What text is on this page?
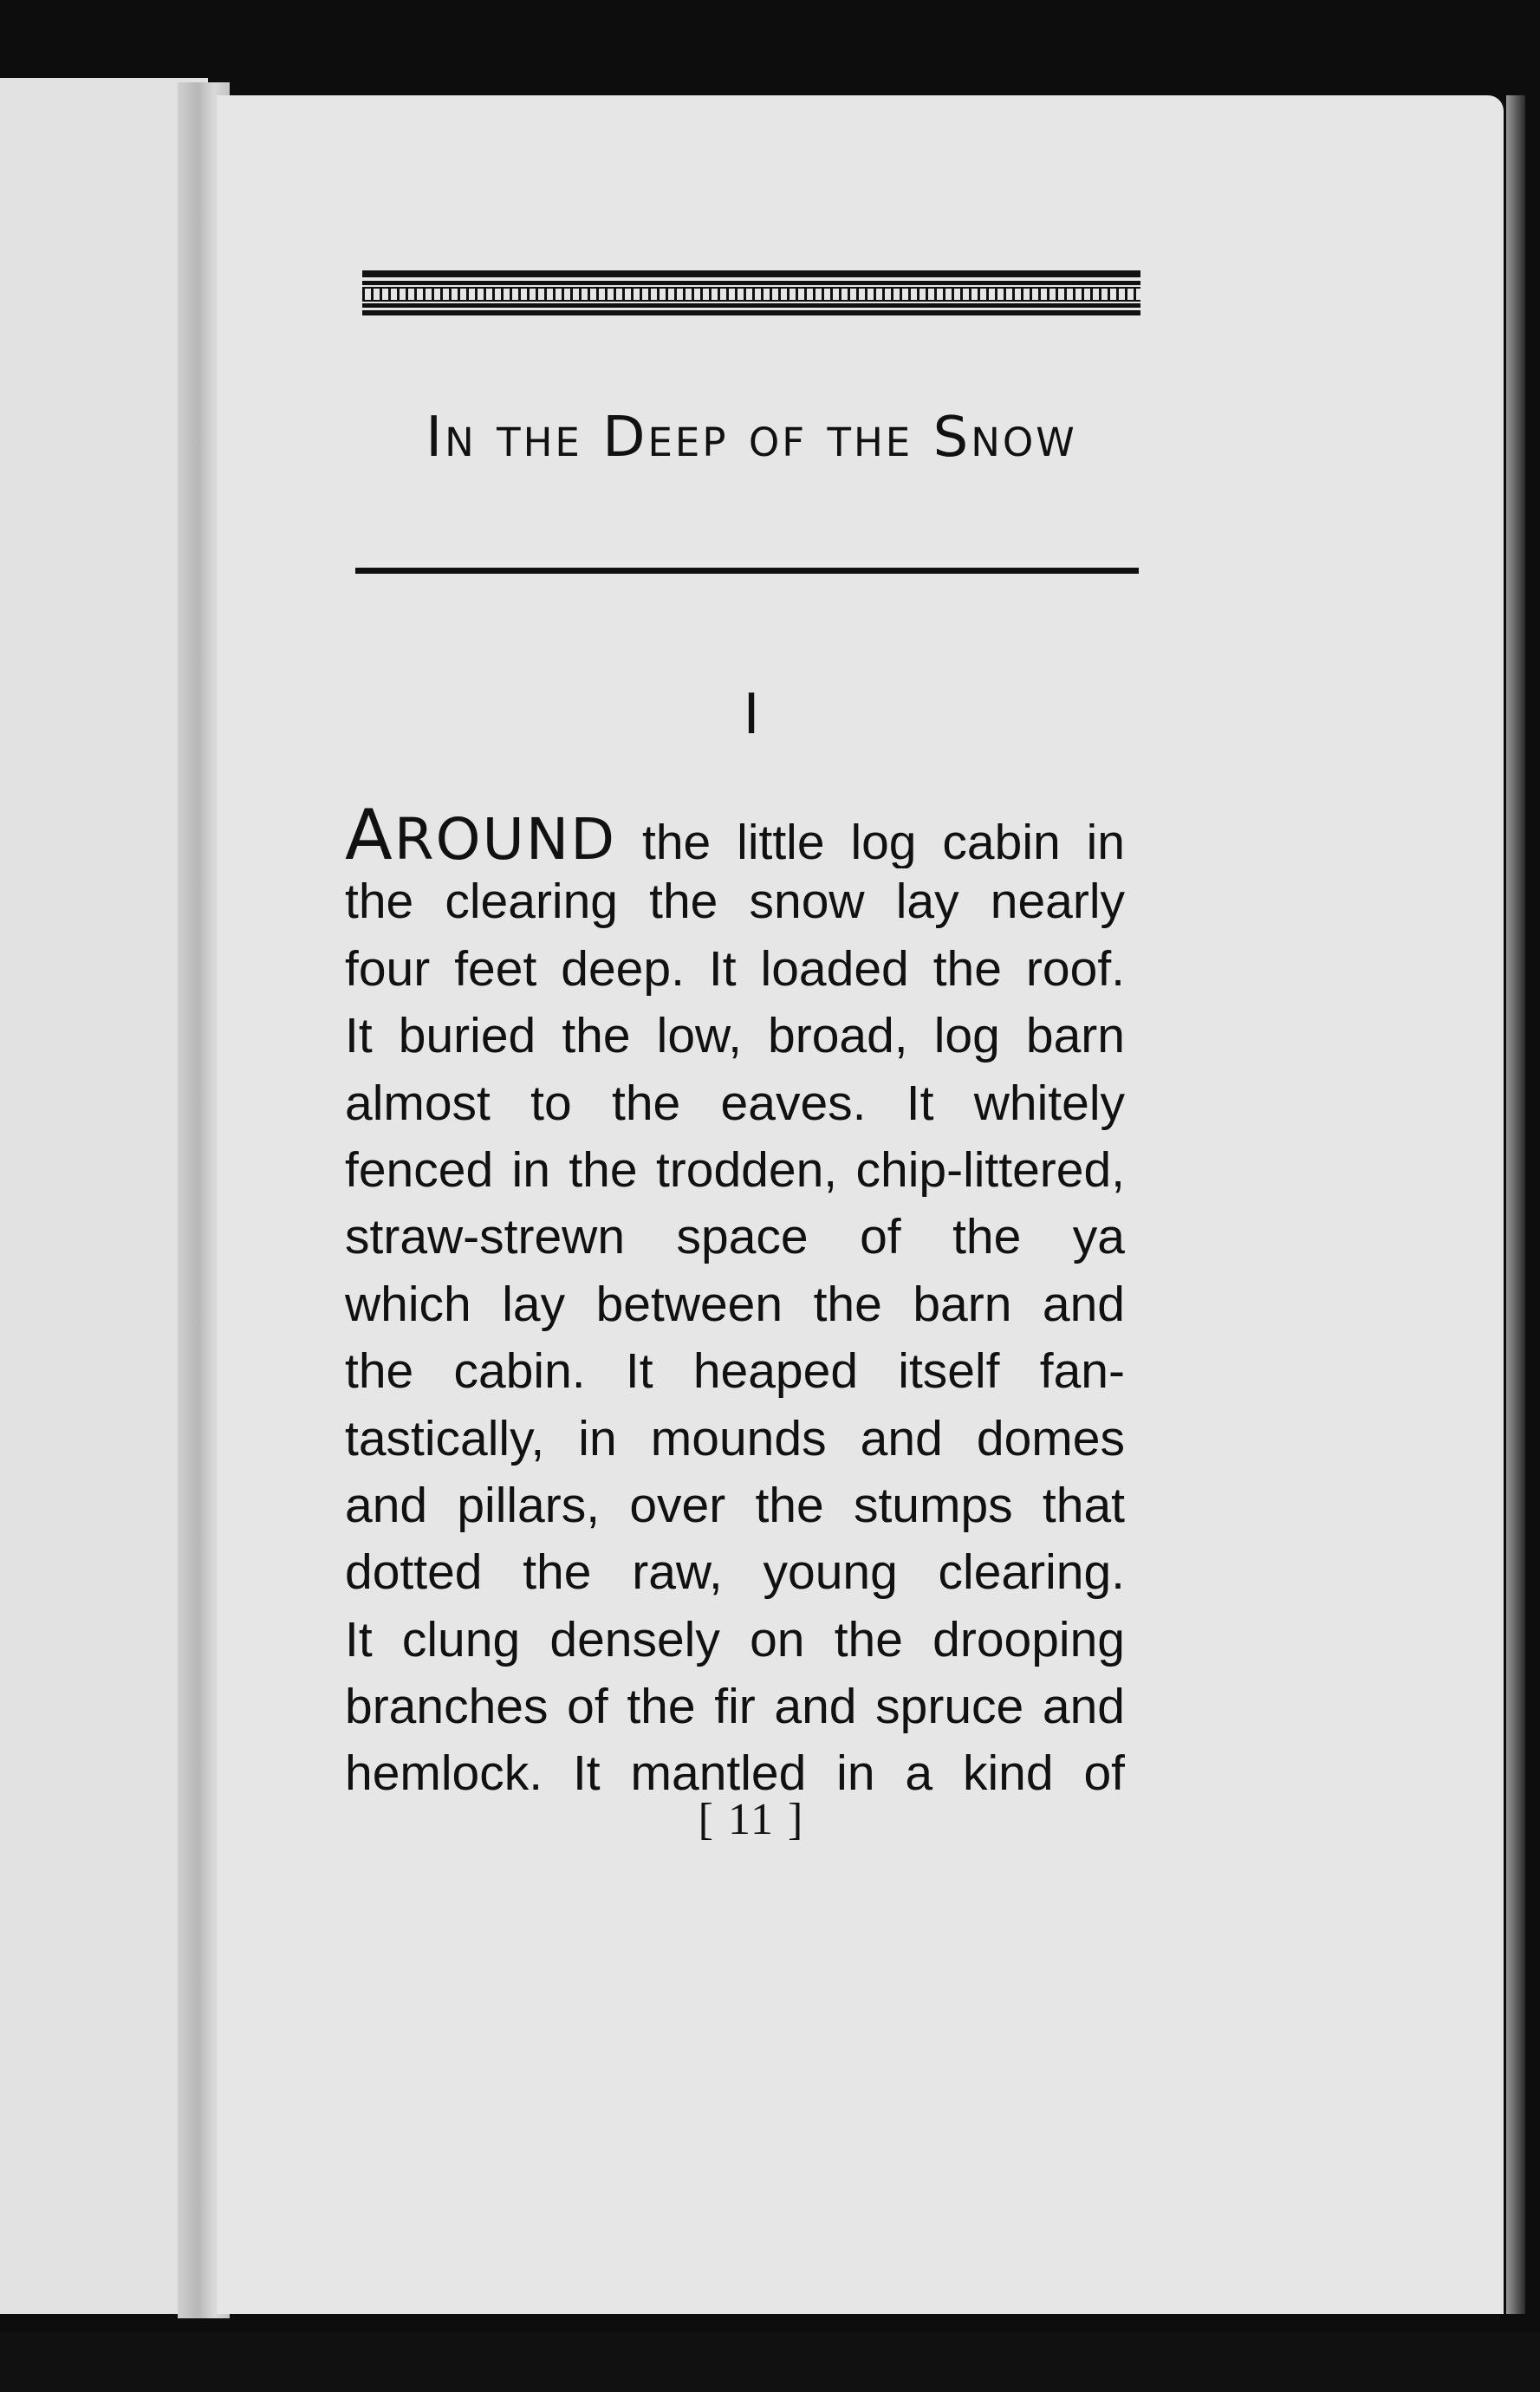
In the Deep of the Snow
I
AROUND the little log cabin in
the clearing the snow lay nearly
four feet deep. It loaded the roof.
It buried the low, broad, log barn
almost to the eaves. It whitely
fenced in the trodden, chip-littered,
straw-strewn space of the ya
which lay between the barn and
the cabin. It heaped itself fan-
tastically, in mounds and domes
and pillars, over the stumps that
dotted the raw, young clearing.
It clung densely on the drooping
branches of the fir and spruce and
hemlock. It mantled in a kind of
[ 11 ]
